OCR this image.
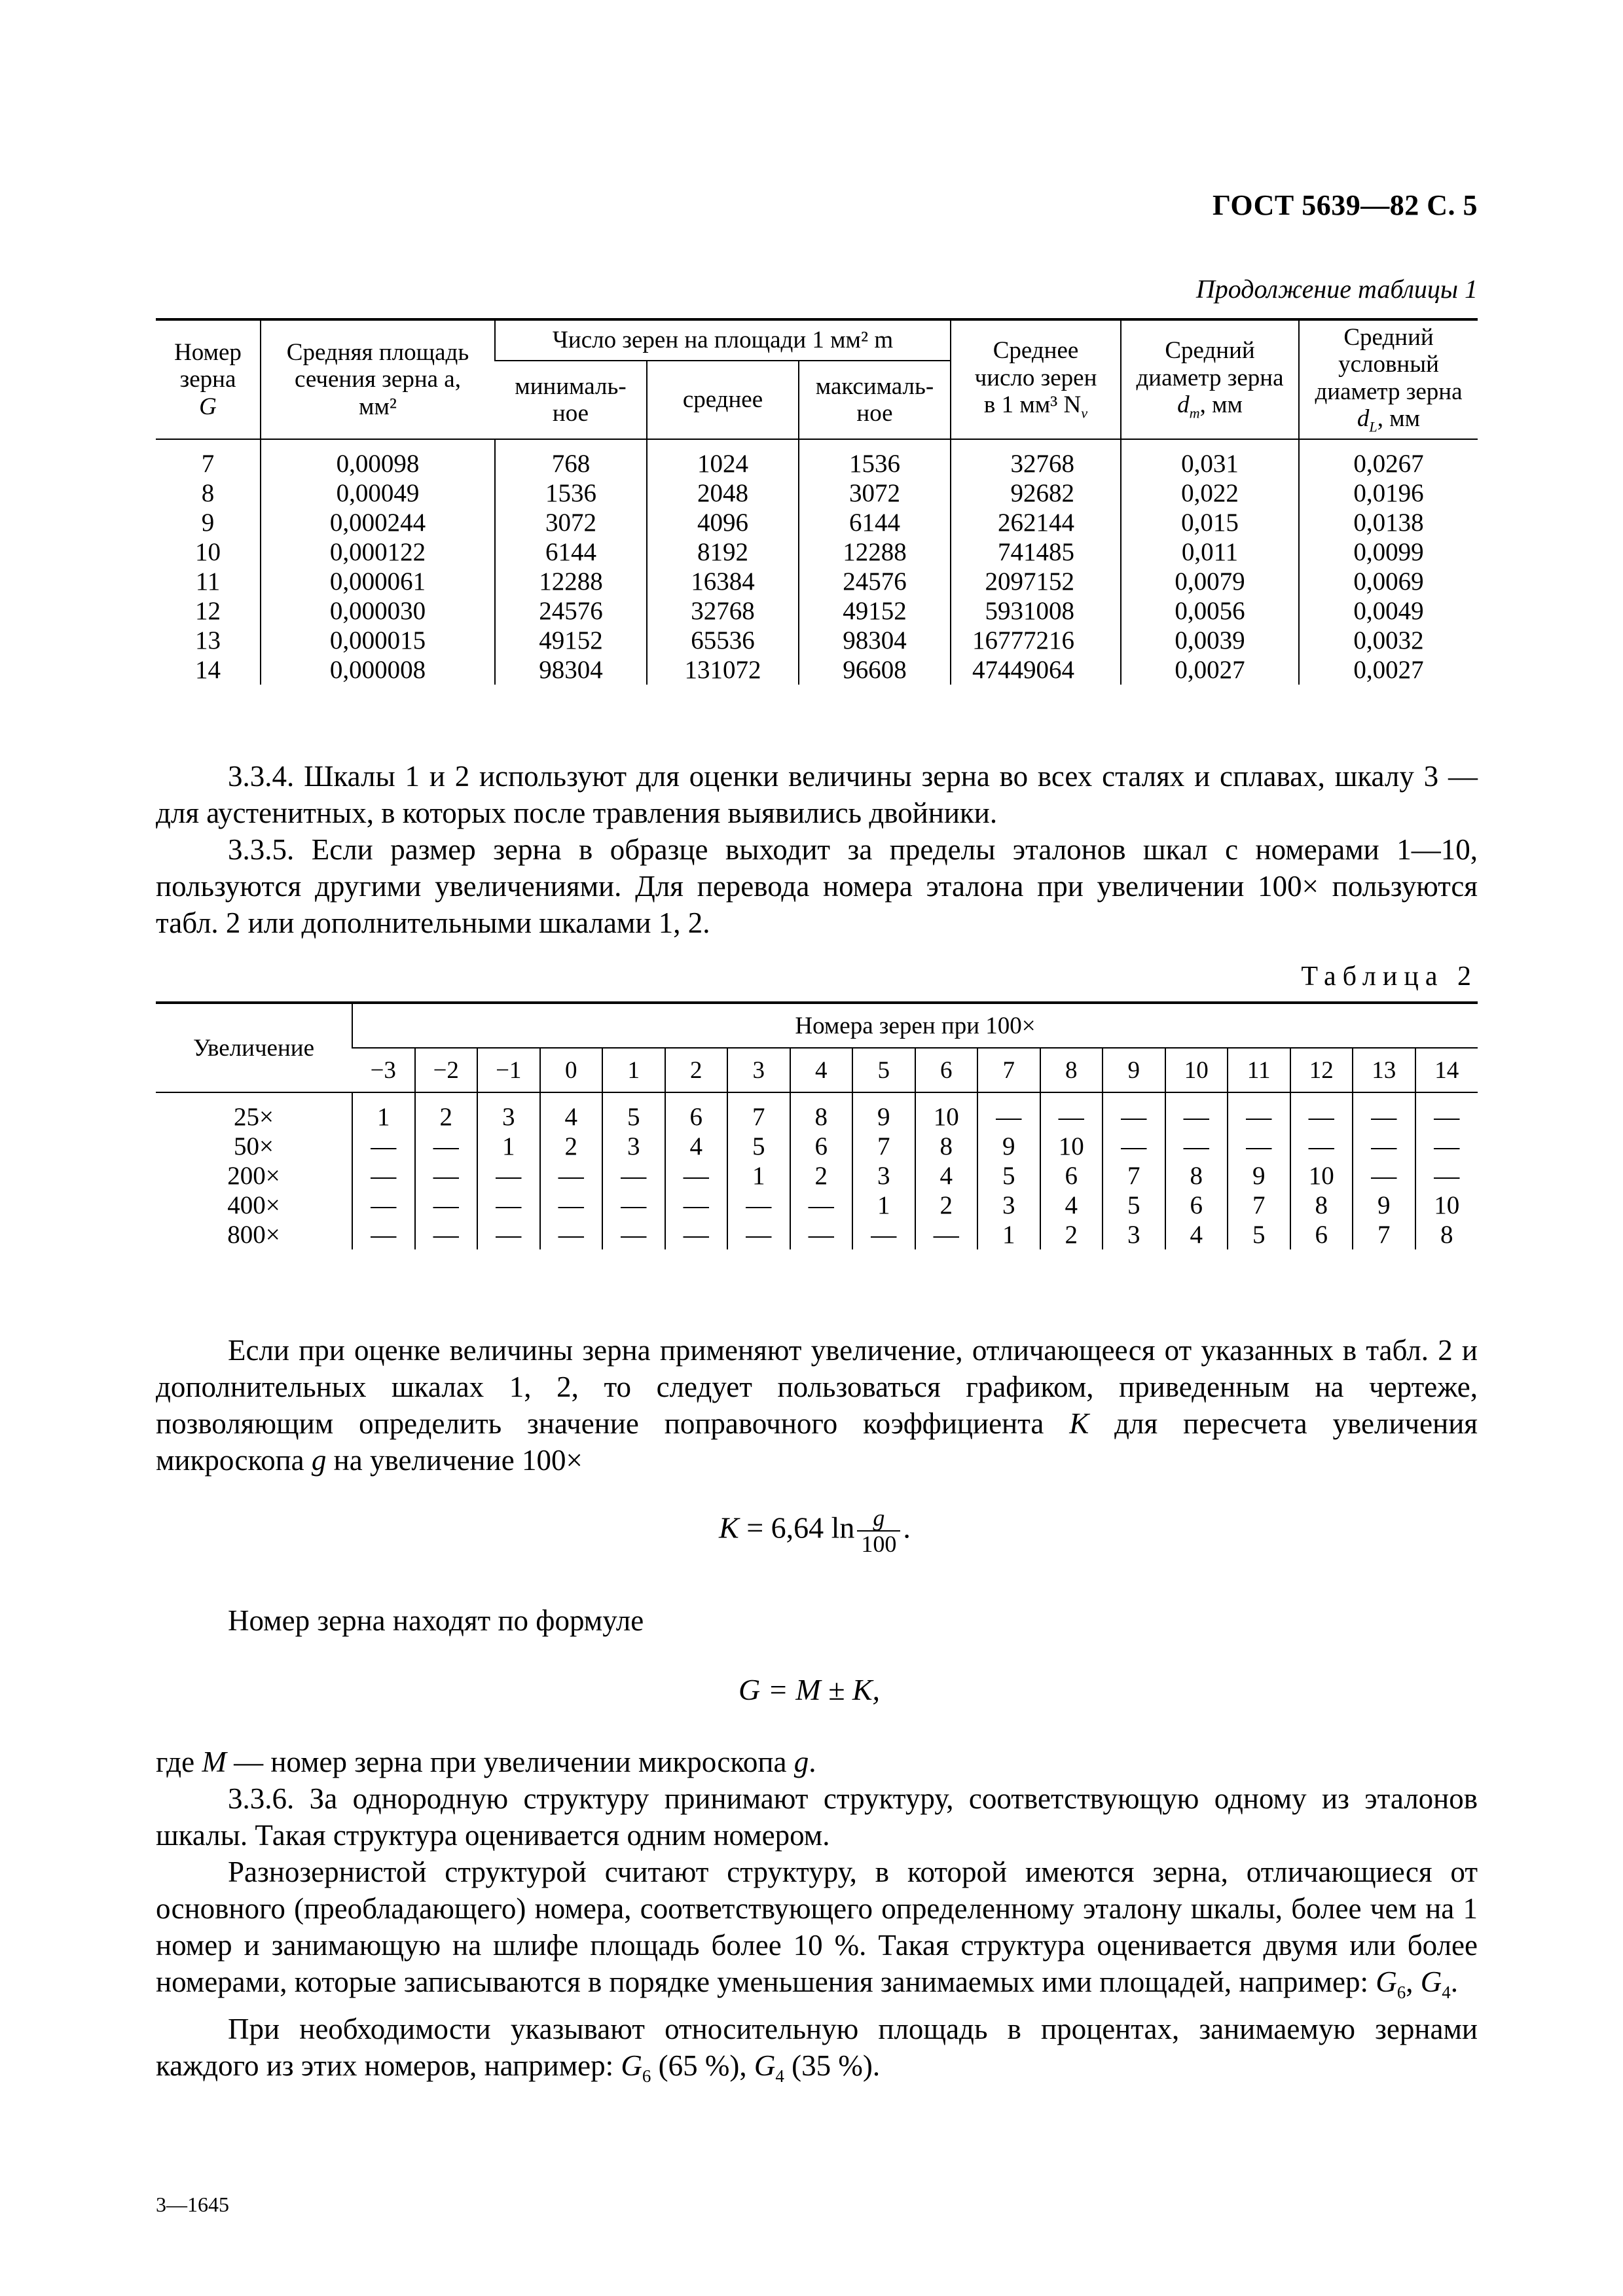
ГОСТ 5639—82 С. 5
Продолжение таблицы 1
Номер
зерна
G	Средняя площадь
сечения зерна a,
мм²	Число зерен на площади 1 мм² m			Среднее
число зерен
в 1 мм³ $N_v$	Средний
диаметр зерна
$d_m$, мм	Средний
условный
диаметр зерна
$d_L$, мм
		минималь-
ное	среднее	максималь-
ное			
7	0,00098	768	1024	1536	32768	0,031	0,0267
8	0,00049	1536	2048	3072	92682	0,022	0,0196
9	0,000244	3072	4096	6144	262144	0,015	0,0138
10	0,000122	6144	8192	12288	741485	0,011	0,0099
11	0,000061	12288	16384	24576	2097152	0,0079	0,0069
12	0,000030	24576	32768	49152	5931008	0,0056	0,0049
13	0,000015	49152	65536	98304	16777216	0,0039	0,0032
14	0,000008	98304	131072	96608	47449064	0,0027	0,0027

3.3.4. Шкалы 1 и 2 используют для оценки величины зерна во всех сталях и сплавах, шкалу 3 — для аустенитных, в которых после травления выявились двойники.

3.3.5. Если размер зерна в образце выходит за пределы эталонов шкал с номерами 1—10, пользуются другими увеличениями. Для перевода номера эталона при увеличении 100× пользуются табл. 2 или дополнительными шкалами 1, 2.

Таблица 2
Увеличение	Номера зерен при 100×																	
	−3	−2	−1	0	1	2	3	4	5	6	7	8	9	10	11	12	13	14
25×	1	2	3	4	5	6	7	8	9	10	—	—	—	—	—	—	—	—
50×	—	—	1	2	3	4	5	6	7	8	9	10	—	—	—	—	—	—
200×	—	—	—	—	—	—	1	2	3	4	5	6	7	8	9	10	—	—
400×	—	—	—	—	—	—	—	—	1	2	3	4	5	6	7	8	9	10
800×	—	—	—	—	—	—	—	—	—	—	1	2	3	4	5	6	7	8

Если при оценке величины зерна применяют увеличение, отличающееся от указанных в табл. 2 и дополнительных шкалах 1, 2, то следует пользоваться графиком, приведенным на чертеже, позволяющим определить значение поправочного коэффициента K для пересчета увеличения микроскопа g на увеличение 100×

K = 6,64 $\ln \frac{g}{100}$ .

Номер зерна находят по формуле

G = M ± K,

где M — номер зерна при увеличении микроскопа g.

3.3.6. За однородную структуру принимают структуру, соответствующую одному из эталонов шкалы. Такая структура оценивается одним номером.

Разнозернистой структурой считают структуру, в которой имеются зерна, отличающиеся от основного (преобладающего) номера, соответствующего определенному эталону шкалы, более чем на 1 номер и занимающую на шлифе площадь более 10 %. Такая структура оценивается двумя или более номерами, которые записываются в порядке уменьшения занимаемых ими площадей, например: $G_6$, $G_4$.

При необходимости указывают относительную площадь в процентах, занимаемую зернами каждого из этих номеров, например: $G_6$ (65 %), $G_4$ (35 %).

3—1645
